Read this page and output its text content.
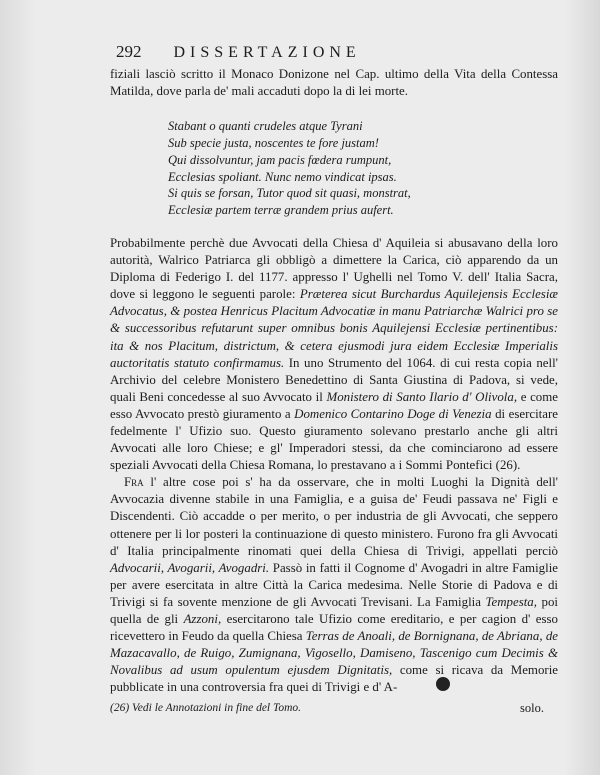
292 DISSERTAZIONE

fiziali lasciò scritto il Monaco Donizone nel Cap. ultimo della Vita della Contessa Matilda, dove parla de' mali accaduti dopo la di lei morte.

Stabant o quanti crudeles atque Tyrani
Sub specie justa, noscentes te fore justam!
Qui dissolvuntur, jam pacis fœdera rumpunt,
Ecclesias spoliant. Nunc nemo vindicat ipsas.
Si quis se forsan, Tutor quod sit quasi, monstrat,
Ecclesiæ partem terræ grandem prius aufert.

Probabilmente perchè due Avvocati della Chiesa d' Aquileia si abusavano della loro autorità, Walrico Patriarca gli obbligò a dimettere la Carica, ciò apparendo da un Diploma di Federigo I. del 1177. appresso l' Ughelli nel Tomo V. dell' Italia Sacra, dove si leggono le seguenti parole: Præterea sicut Burchardus Aquilejensis Ecclesiæ Advocatus, & postea Henricus Placitum Advocatiæ in manu Patriarchæ Walrici pro se & successoribus refutarunt super omnibus bonis Aquilejensi Ecclesiæ pertinentibus: ita & nos Placitum, districtum, & cetera ejusmodi jura eidem Ecclesiæ Imperialis auctoritatis statuto confirmamus. In uno Strumento del 1064. di cui resta copia nell' Archivio del celebre Monistero Benedettino di Santa Giustina di Padova, si vede, quali Beni concedesse al suo Avvocato il Monistero di Santo Ilario d' Olivola, e come esso Avvocato prestò giuramento a Domenico Contarino Doge di Venezia di esercitare fedelmente l' Ufizio suo. Questo giuramento solevano prestarlo anche gli altri Avvocati alle loro Chiese; e gl' Imperadori stessi, da che cominciarono ad essere speziali Avvocati della Chiesa Romana, lo prestavano a i Sommi Pontefici (26).

Fra l' altre cose poi s' ha da osservare, che in molti Luoghi la Dignità dell' Avvocazia divenne stabile in una Famiglia, e a guisa de' Feudi passava ne' Figli e Discendenti. Ciò accadde o per merito, o per industria de gli Avvocati, che seppero ottenere per li lor posteri la continuazione di questo ministero. Furono fra gli Avvocati d' Italia principalmente rinomati quei della Chiesa di Trivigi, appellati perciò Advocarii, Avogarii, Avogadri. Passò in fatti il Cognome d' Avogadri in altre Famiglie per avere esercitata in altre Città la Carica medesima. Nelle Storie di Padova e di Trivigi si fa sovente menzione de gli Avvocati Trevisani. La Famiglia Tempesta, poi quella de gli Azzoni, esercitarono tale Ufizio come ereditario, e per cagion d' esso ricevettero in Feudo da quella Chiesa Terras de Anoali, de Bornignana, de Abriana, de Mazacavallo, de Ruigo, Zumignana, Vigosello, Damiseno, Tascenigo cum Decimis & Novalibus ad usum opulentum ejusdem Dignitatis, come si ricava da Memorie pubblicate in una controversia fra quei di Trivigi e d' A-

(26) Vedi le Annotazioni in fine del Tomo.	solo.
